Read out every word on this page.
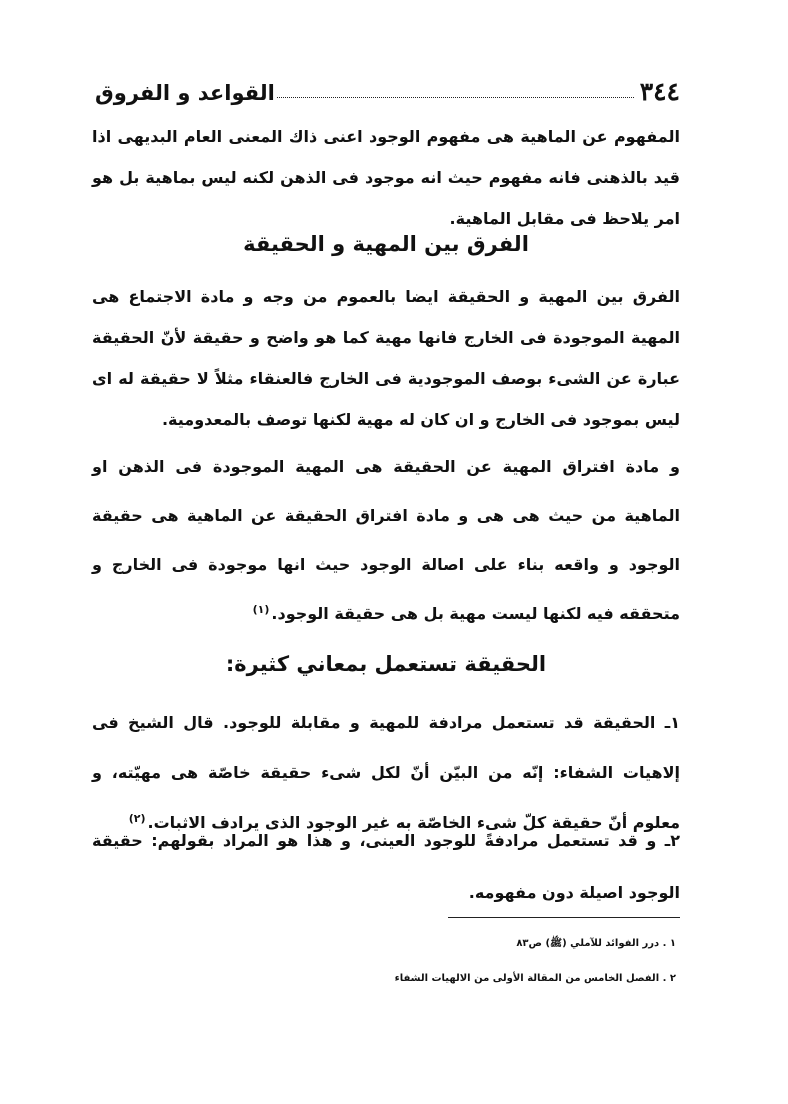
٣٤٤
القواعد و الفروق

المفهوم عن الماهية هى مفهوم الوجود اعنى ذاك المعنى العام البديهى اذا قيد بالذهنى فانه مفهوم حيث انه موجود فى الذهن لكنه ليس بماهية بل هو امر يلاحظ فى مقابل الماهية.

الفرق بين المهية و الحقيقة

الفرق بين المهية و الحقيقة ايضا بالعموم من وجه و مادة الاجتماع هى المهية الموجودة فى الخارج فانها مهية كما هو واضح و حقيقة لأنّ الحقيقة عبارة عن الشىء بوصف الموجودية فى الخارج فالعنقاء مثلاً لا حقيقة له اى ليس بموجود فى الخارج و ان كان له مهية لكنها توصف بالمعدومية.

و مادة افتراق المهية عن الحقيقة هى المهية الموجودة فى الذهن او الماهية من حيث هى هى و مادة افتراق الحقيقة عن الماهية هى حقيقة الوجود و واقعه بناء على اصالة الوجود حيث انها موجودة فى الخارج و متحققه فيه لكنها ليست مهية بل هى حقيقة الوجود.$^{(١)}$

الحقيقة تستعمل بمعاني كثيرة:

١ـ الحقيقة قد تستعمل مرادفة للمهية و مقابلة للوجود. قال الشيخ فى إلاهيات الشفاء: إنّه من البيّن أنّ لكل شىء حقيقة خاصّة هى مهيّته، و معلوم أنّ حقيقة كلّ شىء الخاصّة به غير الوجود الذى يرادف الاثبات.$^{(٢)}$

٢ـ و قد تستعمل مرادفةً للوجود العينى، و هذا هو المراد بقولهم: حقيقة الوجود اصيلة دون مفهومه.

١ . درر الفوائد للآملي (ﷺ) ص٨٣

٢ . الفصل الخامس من المقالة الأولى من الالهيات الشفاء
